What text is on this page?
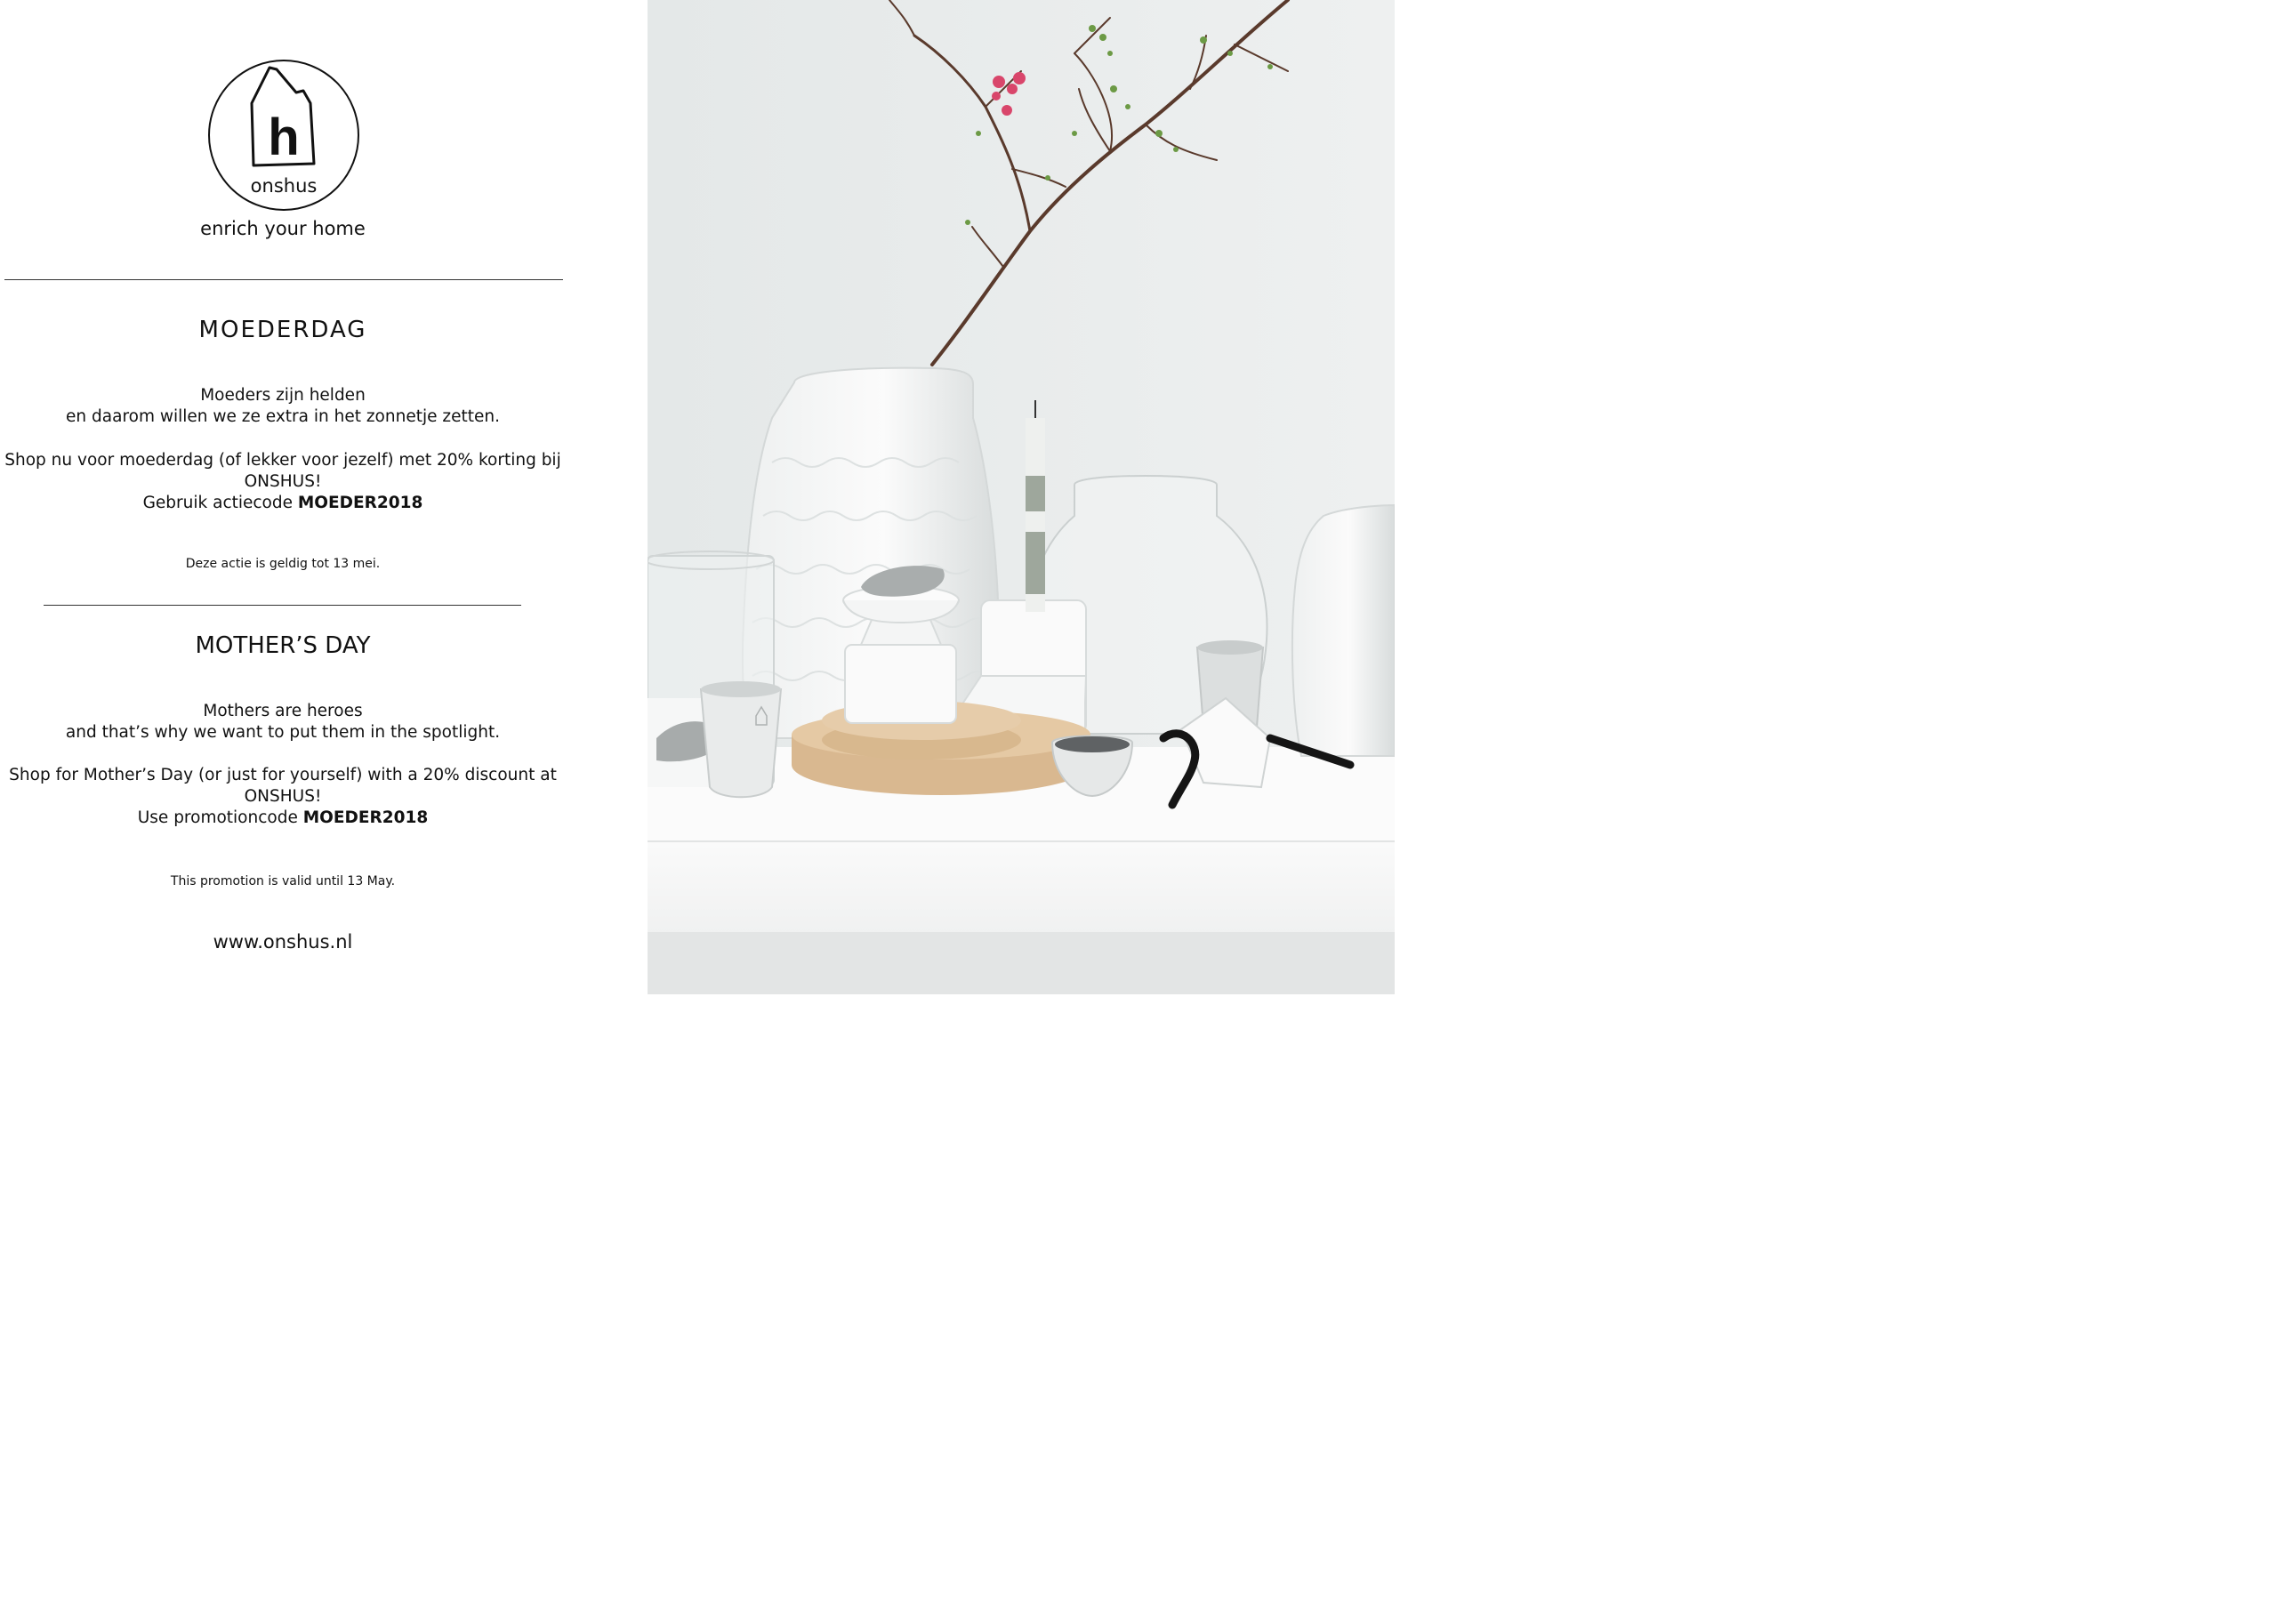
h
onshus
enrich your home
MOEDERDAG
Moeders zijn helden
en daarom willen we ze extra in het zonnetje zetten.
Shop nu voor moederdag (of lekker voor jezelf) met 20% korting bij
ONSHUS!
Gebruik actiecode MOEDER2018
Deze actie is geldig tot 13 mei.
MOTHER’S DAY
Mothers are heroes
and that’s why we want to put them in the spotlight.
Shop for Mother’s Day (or just for yourself) with a 20% discount at
ONSHUS!
Use promotioncode MOEDER2018
This promotion is valid until 13 May.
www.onshus.nl
